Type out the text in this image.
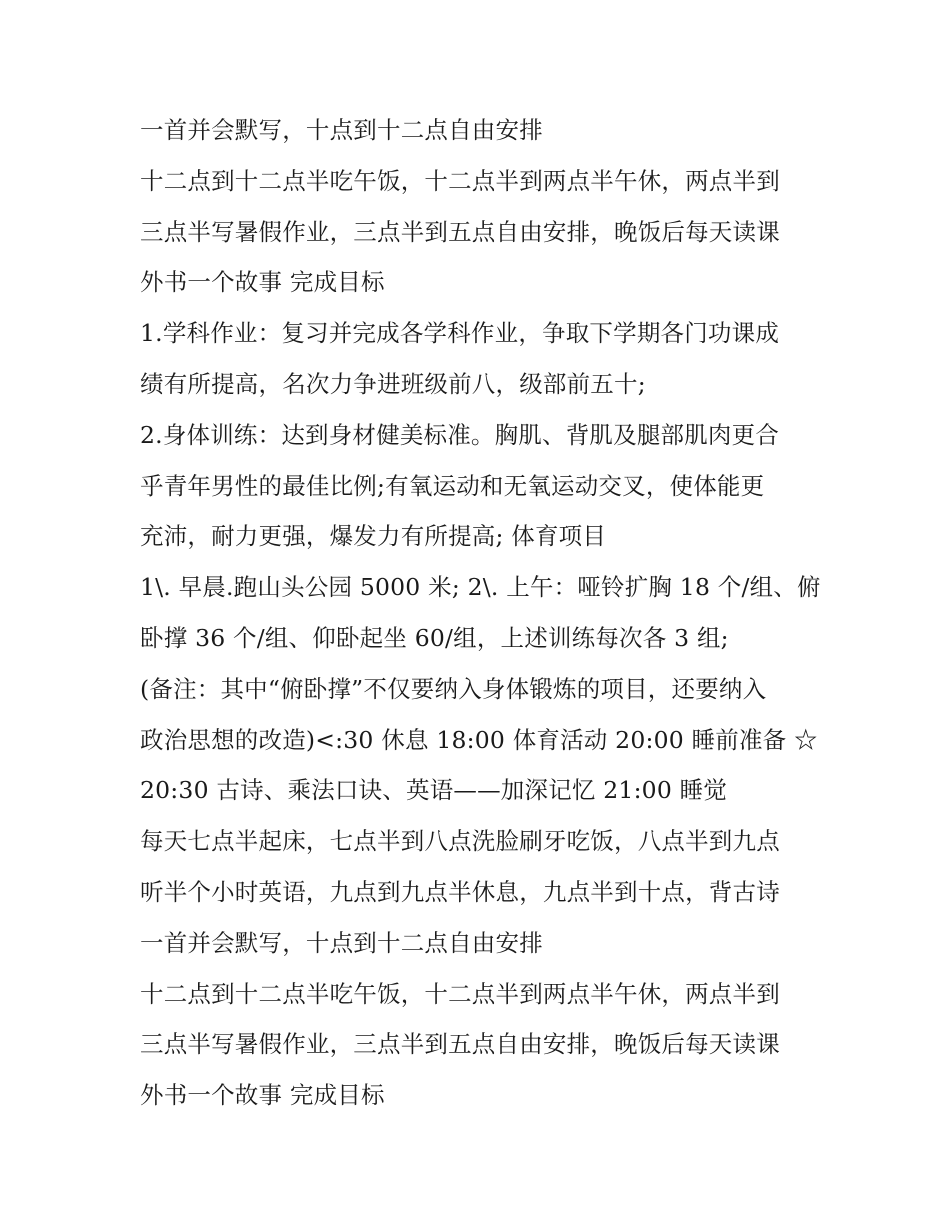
一首并会默写，十点到十二点自由安排
十二点到十二点半吃午饭，十二点半到两点半午休，两点半到
三点半写暑假作业，三点半到五点自由安排，晚饭后每天读课
外书一个故事 完成目标
1.学科作业：复习并完成各学科作业，争取下学期各门功课成
绩有所提高，名次力争进班级前八，级部前五十;
2.身体训练：达到身材健美标准。胸肌、背肌及腿部肌肉更合
乎青年男性的最佳比例;有氧运动和无氧运动交叉，使体能更
充沛，耐力更强，爆发力有所提高; 体育项目
1\. 早晨.跑山头公园 5000 米; 2\. 上午：哑铃扩胸 18 个/组、俯
卧撑 36 个/组、仰卧起坐 60/组，上述训练每次各 3 组;
(备注：其中“俯卧撑”不仅要纳入身体锻炼的项目，还要纳入
政治思想的改造)<:30 休息 18:00 体育活动 20:00 睡前准备 ☆
20:30 古诗、乘法口诀、英语——加深记忆 21:00 睡觉
每天七点半起床，七点半到八点洗脸刷牙吃饭，八点半到九点
听半个小时英语，九点到九点半休息，九点半到十点，背古诗
一首并会默写，十点到十二点自由安排
十二点到十二点半吃午饭，十二点半到两点半午休，两点半到
三点半写暑假作业，三点半到五点自由安排，晚饭后每天读课
外书一个故事 完成目标
